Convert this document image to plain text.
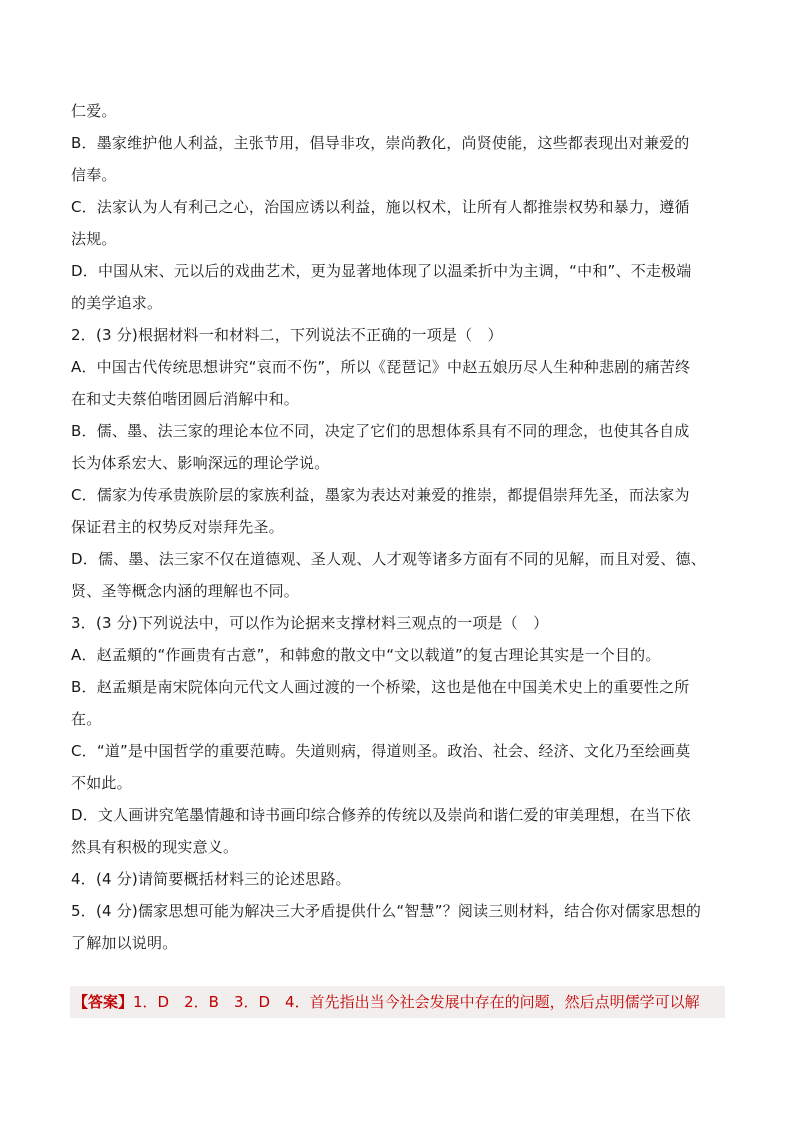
仁爱。
B．墨家维护他人利益，主张节用，倡导非攻，崇尚教化，尚贤使能，这些都表现出对兼爱的
信奉。
C．法家认为人有利己之心，治国应诱以利益，施以权术，让所有人都推崇权势和暴力，遵循
法规。
D．中国从宋、元以后的戏曲艺术，更为显著地体现了以温柔折中为主调，“中和”、不走极端
的美学追求。
2．(3 分)根据材料一和材料二，下列说法不正确的一项是（　）
A．中国古代传统思想讲究“哀而不伤”，所以《琵琶记》中赵五娘历尽人生种种悲剧的痛苦终
在和丈夫蔡伯喈团圆后消解中和。
B．儒、墨、法三家的理论本位不同，决定了它们的思想体系具有不同的理念，也使其各自成
长为体系宏大、影响深远的理论学说。
C．儒家为传承贵族阶层的家族利益，墨家为表达对兼爱的推崇，都提倡崇拜先圣，而法家为
保证君主的权势反对崇拜先圣。
D．儒、墨、法三家不仅在道德观、圣人观、人才观等诸多方面有不同的见解，而且对爱、德、
贤、圣等概念内涵的理解也不同。
3．(3 分)下列说法中，可以作为论据来支撑材料三观点的一项是（　）
A．赵孟頫的“作画贵有古意”，和韩愈的散文中“文以载道”的复古理论其实是一个目的。
B．赵孟頫是南宋院体向元代文人画过渡的一个桥梁，这也是他在中国美术史上的重要性之所
在。
C．“道”是中国哲学的重要范畴。失道则病，得道则圣。政治、社会、经济、文化乃至绘画莫
不如此。
D．文人画讲究笔墨情趣和诗书画印综合修养的传统以及崇尚和谐仁爱的审美理想，在当下依
然具有积极的现实意义。
4．(4 分)请简要概括材料三的论述思路。
5．(4 分)儒家思想可能为解决三大矛盾提供什么“智慧”？阅读三则材料，结合你对儒家思想的
了解加以说明。
【答案】1．D　2．B　3．D　4．首先指出当今社会发展中存在的问题，然后点明儒学可以解
